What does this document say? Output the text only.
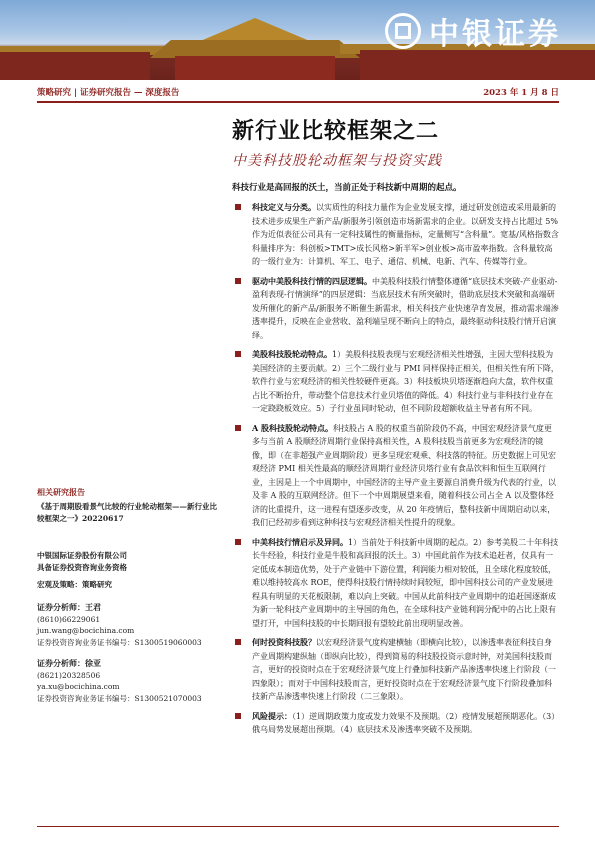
中银证券
策略研究 | 证券研究报告 — 深度报告	2023 年 1 月 8 日
新行业比较框架之二
中美科技股轮动框架与投资实践
科技行业是高回报的沃土，当前正处于科技新中周期的起点。
科技定义与分类。以实质性的科技力量作为企业发展支撑，通过研发创造或采用最新的技术进步成果生产新产品/新服务引领创造市场新需求的企业。以研发支持占比超过 5%作为近似表征公司具有一定科技属性的衡量指标，定量侧写“含科量”。宽基/风格指数含科量排序为：科创板>TMT>成长风格>新半军>创业板>高市盈率指数。含科量较高的一级行业为：计算机、军工、电子、通信、机械、电新、汽车、传媒等行业。
驱动中美股科技行情的四层逻辑。中美股科技股行情整体遵循“底层技术突破-产业驱动-盈利表现-行情演绎”的四层逻辑：当底层技术有所突破时，借助底层技术突破和高端研发所催化的新产品/新服务不断催生新需求，相关科技产业快速孕育发展，推动需求端渗透率提升，反映在企业营收、盈利端呈现不断向上的特点，最终驱动科技股行情开启演绎。
美股科技股轮动特点。1）美股科技股表现与宏观经济相关性增强，主因大型科技股为美国经济的主要贡献。2）三个二级行业与 PMI 同样保持正相关，但相关性有所下降，软件行业与宏观经济的相关性较硬件更高。3）科技板块贝塔逐渐趋向大盘，软件权重占比不断抬升，带动整个信息技术行业贝塔值的降低。4）科技行业与非科技行业存在一定跷跷板效应。5）子行业虽同时轮动，但不同阶段超额收益主导者有所不同。
A 股科技股轮动特点。科技股占 A 股的权重当前阶段仍不高，中国宏观经济景气度更多与当前 A 股顺经济周期行业保持高相关性，A 股科技股当前更多为宏观经济的镜像，即（在非超强产业周期阶段）更多呈现宏观乘、科技落的特征。历史数据上可见宏观经济 PMI 相关性最高的顺经济周期行业经济贝塔行业有食品饮料和恒生互联网行业，主因是上一个中周期中，中国经济的主导产业主要源自消费升级为代表的行业，以及非 A 股的互联网经济。但下一个中周期展望来看，随着科技公司占全 A 以及整体经济的比重提升，这一进程有望逐步改变，从 20 年疫情后，整科技新中周期启动以来，我们已经初步看到这种科技与宏观经济相关性提升的现象。
中美科技行情启示及异同。1）当前处于科技新中周期的起点。2）参考美股二十年科技长牛经验，科技行业是牛股和高回报的沃土。3）中国此前作为技术追赶者，仅具有一定低成本制造优势，处于产业链中下游位置，利润能力相对较低，且全球化程度较低，难以维持较高水 ROE，使得科技股行情持续时间较短，即中国科技公司的产业发展进程具有明显的天花板限制，难以向上突破。中国从此前科技产业周期中的追赶国逐渐成为新一轮科技产业周期中的主导国的角色，在全球科技产业链利润分配中的占比上限有望打开，中国科技股的中长期回报有望较此前出现明显改善。
何时投资科技股？以宏观经济景气度构建横轴（即横向比较），以渗透率表征科技自身产业周期构建纵轴（即纵向比较），得到简易的科技股投资示意时钟，对美国科技股而言，更好的投资时点在于宏观经济景气度上行叠加科技新产品渗透率快速上行阶段（一四象限）；而对于中国科技股而言，更好投资时点在于宏观经济景气度下行阶段叠加科技新产品渗透率快速上行阶段（二三象限）。
风险提示：（1）逆周期政策力度或发力效果不及预期。（2）疫情发展超预期恶化。（3）俄乌局势发展超出预期。（4）底层技术及渗透率突破不及预期。
相关研究报告

《基于周期股看景气比较的行业轮动框架——新行业比较框架之一》20220617

中银国际证券股份有限公司

具备证券投资咨询业务资格

宏观及策略：策略研究

证券分析师：王君

(8610)66229061

jun.wang@bocichina.com

证券投资咨询业务证书编号：S1300519060003

证券分析师：徐亚

(8621)20328506

ya.xu@bocichina.com

证券投资咨询业务证书编号：S1300521070003
